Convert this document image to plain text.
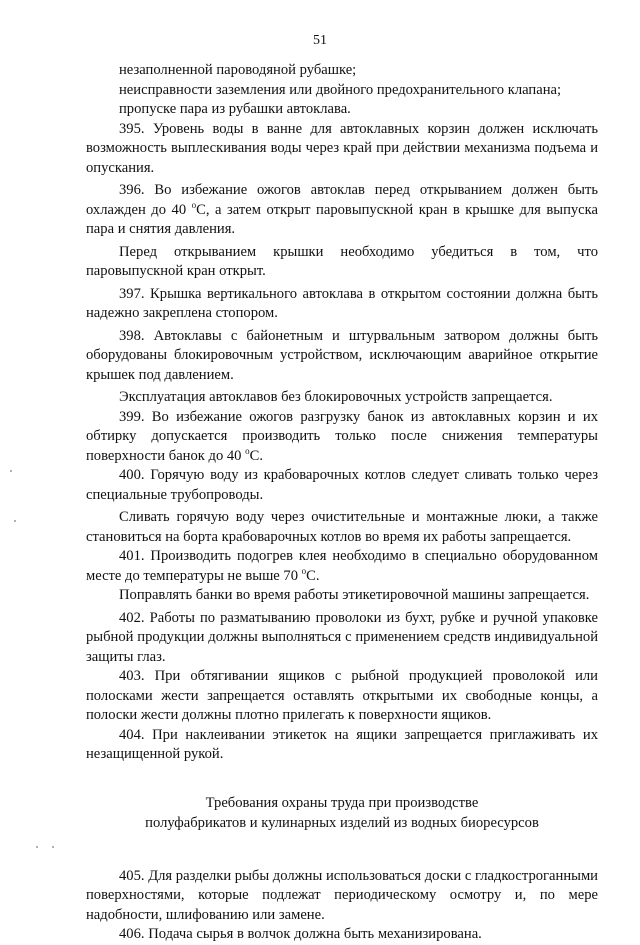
51

незаполненной пароводяной рубашке;

неисправности заземления или двойного предохранительного клапана;

пропуске пара из рубашки автоклава.

395. Уровень воды в ванне для автоклавных корзин должен исключать возможность выплескивания воды через край при действии механизма подъема и опускания.

396. Во избежание ожогов автоклав перед открыванием должен быть охлажден до 40 $^о$С, а затем открыт паровыпускной кран в крышке для выпуска пара и снятия давления.

Перед открыванием крышки необходимо убедиться в том, что паровыпускной кран открыт.

397. Крышка вертикального автоклава в открытом состоянии должна быть надежно закреплена стопором.

398. Автоклавы с байонетным и штурвальным затвором должны быть оборудованы блокировочным устройством, исключающим аварийное открытие крышек под давлением.

Эксплуатация автоклавов без блокировочных устройств запрещается.

399. Во избежание ожогов разгрузку банок из автоклавных корзин и их обтирку допускается производить только после снижения температуры поверхности банок до 40 $^о$С.

400. Горячую воду из крабоварочных котлов следует сливать только через специальные трубопроводы.

Сливать горячую воду через очистительные и монтажные люки, а также становиться на борта крабоварочных котлов во время их работы запрещается.

401. Производить подогрев клея необходимо в специально оборудованном месте до температуры не выше 70 $^о$С.

Поправлять банки во время работы этикетировочной машины запрещается.

402. Работы по разматыванию проволоки из бухт, рубке и ручной упаковке рыбной продукции должны выполняться с применением средств индивидуальной защиты глаз.

403. При обтягивании ящиков с рыбной продукцией проволокой или полосками жести запрещается оставлять открытыми их свободные концы, а полоски жести должны плотно прилегать к поверхности ящиков.

404. При наклеивании этикеток на ящики запрещается приглаживать их незащищенной рукой.

Требования охраны труда при производстве

полуфабрикатов и кулинарных изделий из водных биоресурсов

405. Для разделки рыбы должны использоваться доски с гладкостроганными поверхностями, которые подлежат периодическому осмотру и, по мере надобности, шлифованию или замене.

406. Подача сырья в волчок должна быть механизирована.
